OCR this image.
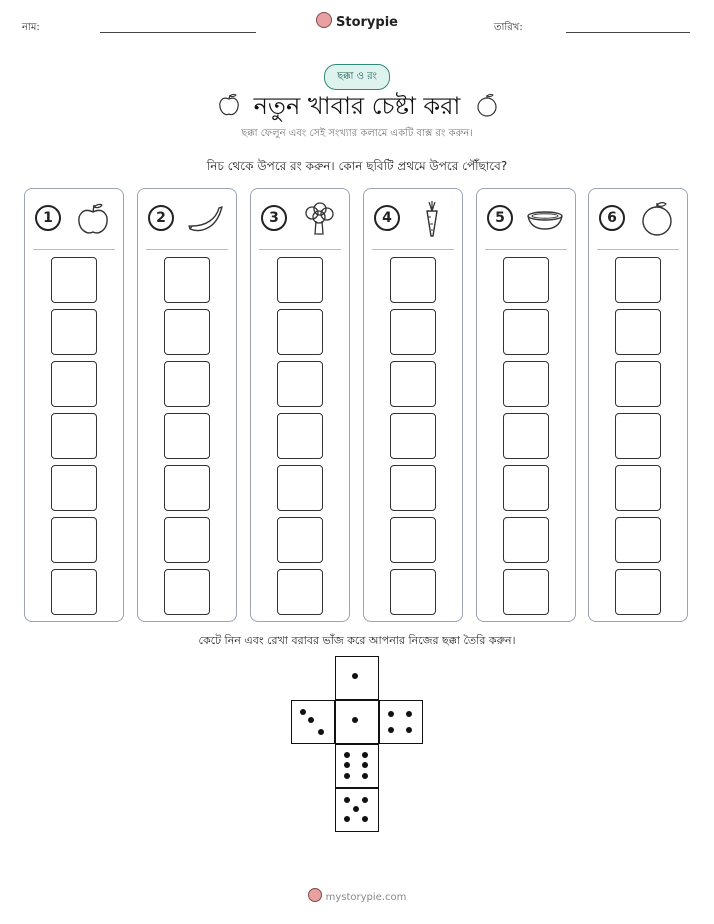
নাম:	Storypie	তারিখ:
ছক্কা ও রং
নতুন খাবার চেষ্টা করা
ছক্কা ফেলুন এবং সেই সংখ্যার কলামে একটি বাক্স রং করুন।
নিচ থেকে উপরে রং করুন। কোন ছবিটি প্রথমে উপরে পৌঁছাবে?
1	2	3	4	5	6
কেটে নিন এবং রেখা বরাবর ভাঁজ করে আপনার নিজের ছক্কা তৈরি করুন।
mystorypie.com
